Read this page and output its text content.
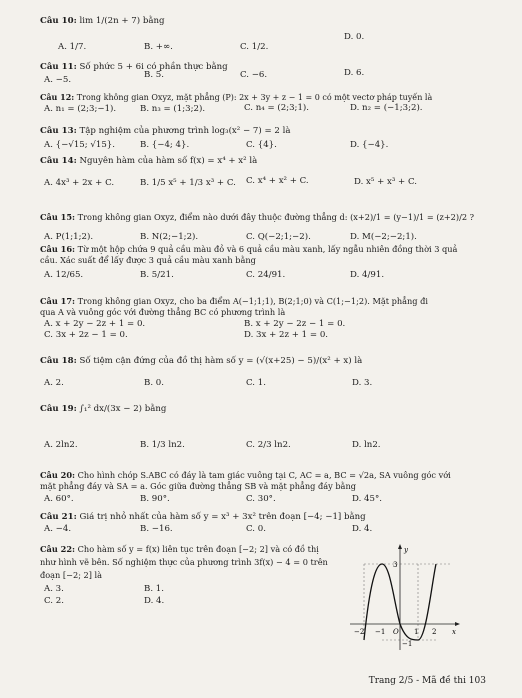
Câu 10: lim 1/(2n + 7) bằng
A. 1/7.	B. +∞.	C. 1/2.
D. 0.
Câu 11: Số phức 5 + 6i có phần thực bằng
A. −5.	B. 5.	C. −6.	D. 6.
Câu 12: Trong không gian Oxyz, mặt phẳng (P): 2x + 3y + z − 1 = 0 có một vectơ pháp tuyến là
A. n₁ = (2;3;−1).	B. n₃ = (1;3;2).	C. n₄ = (2;3;1).	D. n₂ = (−1;3;2).
Câu 13: Tập nghiệm của phương trình log₃(x² − 7) = 2 là
A. {−√15; √15}.	B. {−4; 4}.	C. {4}.	D. {−4}.
Câu 14: Nguyên hàm của hàm số f(x) = x⁴ + x² là
A. 4x³ + 2x + C.	B. 1/5 x⁵ + 1/3 x³ + C. C. x⁴ + x² + C.	D. x⁵ + x³ + C.
Câu 15: Trong không gian Oxyz, điểm nào dưới đây thuộc đường thẳng d: (x+2)/1 = (y−1)/1 = (z+2)/2 ?
A. P(1;1;2).	B. N(2;−1;2).	C. Q(−2;1;−2).	D. M(−2;−2;1).
Câu 16: Từ một hộp chứa 9 quả cầu màu đỏ và 6 quả cầu màu xanh, lấy ngẫu nhiên đồng thời 3 quả
cầu. Xác suất để lấy được 3 quả cầu màu xanh bằng
A. 12/65.	B. 5/21.	C. 24/91.	D. 4/91.
Câu 17: Trong không gian Oxyz, cho ba điểm A(−1;1;1), B(2;1;0) và C(1;−1;2). Mặt phẳng đi
qua A và vuông góc với đường thẳng BC có phương trình là
A. x + 2y − 2z + 1 = 0.	B. x + 2y − 2z − 1 = 0.
C. 3x + 2z − 1 = 0.	D. 3x + 2z + 1 = 0.
Câu 18: Số tiệm cận đứng của đồ thị hàm số y = (√(x+25) − 5)/(x² + x) là
A. 2.	B. 0.	C. 1.	D. 3.
Câu 19: ∫₁² dx/(3x − 2) bằng
A. 2ln2.	B. 1/3 ln2.	C. 2/3 ln2.	D. ln2.
Câu 20: Cho hình chóp S.ABC có đáy là tam giác vuông tại C, AC = a, BC = √2a, SA vuông góc với
mặt phẳng đáy và SA = a. Góc giữa đường thẳng SB và mặt phẳng đáy bằng
A. 60°.	B. 90°.	C. 30°.	D. 45°.
Câu 21: Giá trị nhỏ nhất của hàm số y = x³ + 3x² trên đoạn [−4; −1] bằng
A. −4.	B. −16.	C. 0.	D. 4.
Câu 22: Cho hàm số y = f(x) liên tục trên đoạn [−2; 2] và có đồ thị
như hình vẽ bên. Số nghiệm thực của phương trình 3f(x) − 4 = 0 trên
đoạn [−2; 2] là
A. 3.	B. 1.
C. 2.	D. 4.
y
x
3
−2 −1 O 1 2
−1
Trang 2/5 - Mã đề thi 103
